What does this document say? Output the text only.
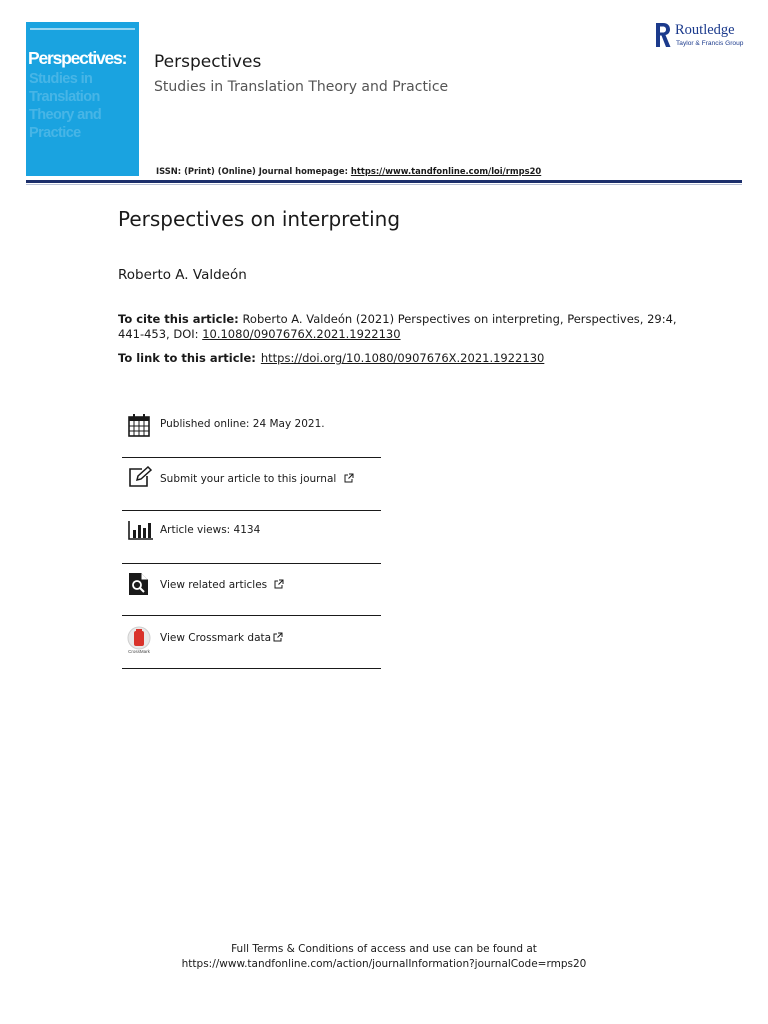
Perspectives:
Studies in Translation Theory and Practice
Perspectives
Studies in Translation Theory and Practice
ISSN: (Print) (Online) Journal homepage: https://www.tandfonline.com/loi/rmps20
Routledge
Taylor & Francis Group
Perspectives on interpreting
Roberto A. Valdeón
To cite this article: Roberto A. Valdeón (2021) Perspectives on interpreting, Perspectives, 29:4, 441-453, DOI: 10.1080/0907676X.2021.1922130
To link to this article: https://doi.org/10.1080/0907676X.2021.1922130
Published online: 24 May 2021.
Submit your article to this journal
Article views: 4134
View related articles
CrossMark
View Crossmark data
Full Terms & Conditions of access and use can be found at
https://www.tandfonline.com/action/journalInformation?journalCode=rmps20
